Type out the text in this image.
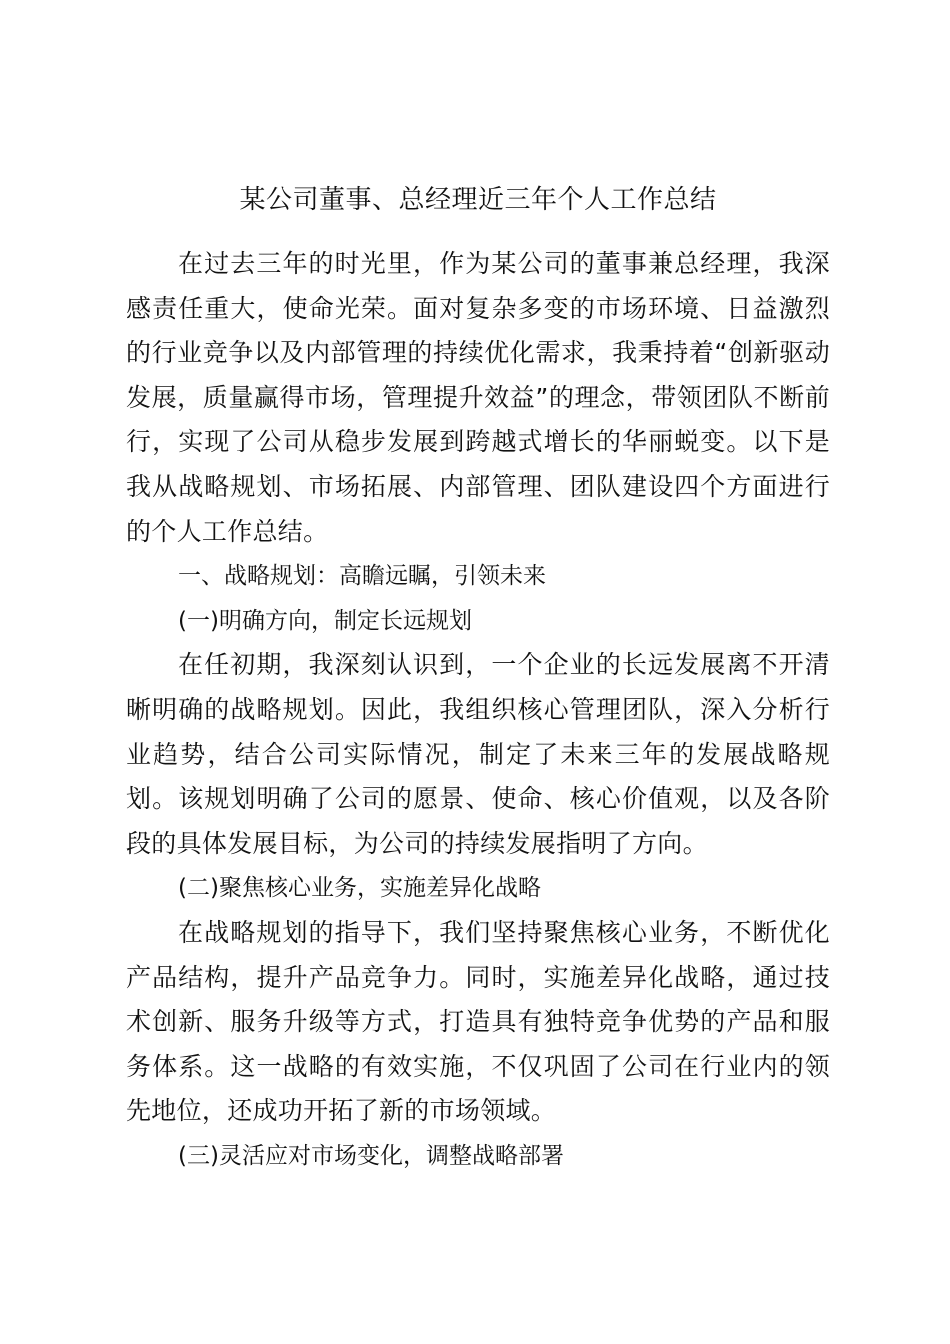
某公司董事、总经理近三年个人工作总结

在过去三年的时光里，作为某公司的董事兼总经理，我深感责任重大，使命光荣。面对复杂多变的市场环境、日益激烈的行业竞争以及内部管理的持续优化需求，我秉持着“创新驱动发展，质量赢得市场，管理提升效益”的理念，带领团队不断前行，实现了公司从稳步发展到跨越式增长的华丽蜕变。以下是我从战略规划、市场拓展、内部管理、团队建设四个方面进行的个人工作总结。

一、战略规划：高瞻远瞩，引领未来

(一)明确方向，制定长远规划

在任初期，我深刻认识到，一个企业的长远发展离不开清晰明确的战略规划。因此，我组织核心管理团队，深入分析行业趋势，结合公司实际情况，制定了未来三年的发展战略规划。该规划明确了公司的愿景、使命、核心价值观，以及各阶段的具体发展目标，为公司的持续发展指明了方向。

(二)聚焦核心业务，实施差异化战略

在战略规划的指导下，我们坚持聚焦核心业务，不断优化产品结构，提升产品竞争力。同时，实施差异化战略，通过技术创新、服务升级等方式，打造具有独特竞争优势的产品和服务体系。这一战略的有效实施，不仅巩固了公司在行业内的领先地位，还成功开拓了新的市场领域。

(三)灵活应对市场变化，调整战略部署
